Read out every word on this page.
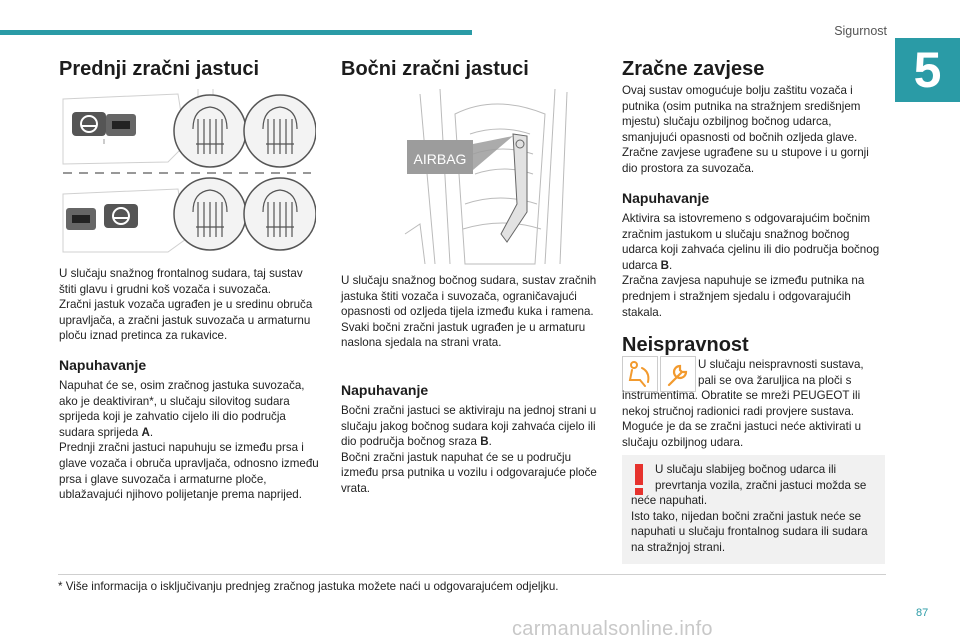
Sigurnost
5
Prednji zračni jastuci

U slučaju snažnog frontalnog sudara, taj sustav štiti glavu i grudni koš vozača i suvozača.
Zračni jastuk vozača ugrađen je u sredinu obruča upravljača, a zračni jastuk suvozača u armaturnu ploču iznad pretinca za rukavice.

Napuhavanje

Napuhat će se, osim zračnog jastuka suvozača, ako je deaktiviran*, u slučaju silovitog sudara sprijeda koji je zahvatio cijelo ili dio područja sudara sprijeda A.
Prednji zračni jastuci napuhuju se između prsa i glave vozača i obruča upravljača, odnosno između prsa i glave suvozača i armaturne ploče, ublažavajući njihovo polijetanje prema naprijed.

Bočni zračni jastuci
AIRBAG

U slučaju snažnog bočnog sudara, sustav zračnih jastuka štiti vozača i suvozača, ograničavajući opasnosti od ozljeda tijela između kuka i ramena.
Svaki bočni zračni jastuk ugrađen je u armaturu naslona sjedala na strani vrata.

Napuhavanje

Bočni zračni jastuci se aktiviraju na jednoj strani u slučaju jakog bočnog sudara koji zahvaća cijelo ili dio područja bočnog sraza B.
Bočni zračni jastuk napuhat će se u području između prsa putnika u vozilu i odgovarajuće ploče vrata.

Zračne zavjese

Ovaj sustav omogućuje bolju zaštitu vozača i putnika (osim putnika na stražnjem središnjem mjestu) slučaju ozbiljnog bočnog udarca, smanjujući opasnosti od bočnih ozljeda glave.
Zračne zavjese ugrađene su u stupove i u gornji dio prostora za suvozača.

Napuhavanje

Aktivira sa istovremeno s odgovarajućim bočnim zračnim jastukom u slučaju snažnog bočnog udarca koji zahvaća cjelinu ili dio područja bočnog udarca B.
Zračna zavjesa napuhuje se između putnika na prednjem i stražnjem sjedalu i odgovarajućih stakala.

Neispravnost

U slučaju neispravnosti sustava,
pali se ova žaruljica na ploči s

instrumentima. Obratite se mreži PEUGEOT ili nekoj stručnoj radionici radi provjere sustava.
Moguće je da se zračni jastuci neće aktivirati u slučaju ozbiljnog udara.

U slučaju slabijeg bočnog udarca ili
prevrtanja vozila, zračni jastuci možda se

neće napuhati.
Isto tako, nijedan bočni zračni jastuk neće se napuhati u slučaju frontalnog sudara ili sudara na stražnjoj strani.

* Više informacija o isključivanju prednjeg zračnog jastuka možete naći u odgovarajućem odjeljku.
87
carmanualsonline.info
